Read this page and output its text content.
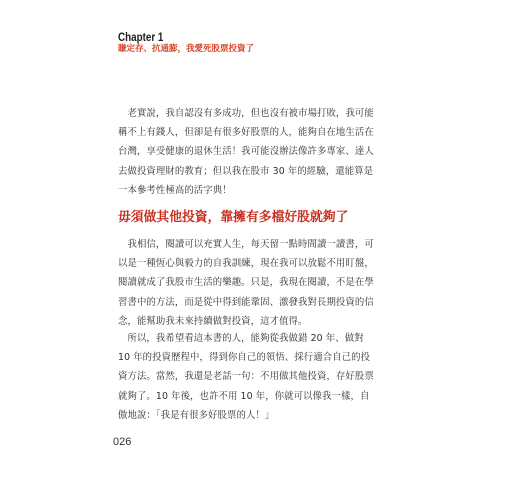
Chapter 1
賺定存、抗通膨，我愛死股票投資了
　老實說，我自認沒有多成功，但也沒有被市場打敗，我可能
稱不上有錢人，但卻是有很多好股票的人，能夠自在地生活在
台灣，享受健康的退休生活！我可能沒辦法像許多專家、達人
去做投資理財的教育；但以我在股市 30 年的經驗，還能算是
一本參考性極高的活字典！
毋須做其他投資，靠擁有多檔好股就夠了
　我相信，閱讀可以充實人生，每天留一點時間讀一讀書，可
以是一種恆心與毅力的自我訓練，現在我可以放鬆不用盯盤，
閱讀就成了我股市生活的樂趣。只是，我現在閱讀，不是在學
習書中的方法，而是從中得到能鞏固、激發我對長期投資的信
念，能幫助我未來持續做對投資，這才值得。
　所以，我希望看這本書的人，能夠從我做錯 20 年、做對
10 年的投資歷程中，得到你自己的領悟、採行適合自己的投
資方法。當然，我還是老話一句：不用做其他投資，存好股票
就夠了。10 年後，也許不用 10 年，你就可以像我一樣，自
傲地說：「我是有很多好股票的人！」
026
